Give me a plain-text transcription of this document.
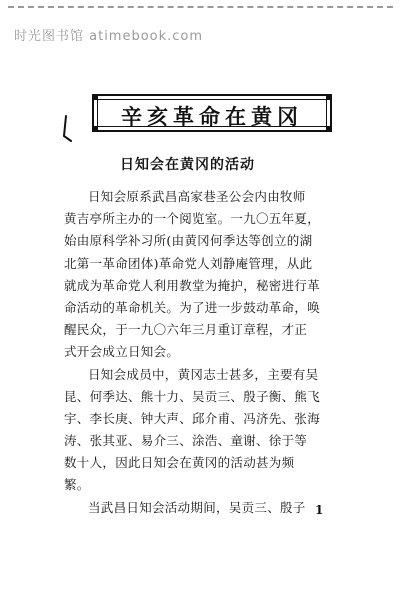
时光图书馆 atimebook.com
辛亥革命在黄冈
日知会在黄冈的活动
日知会原系武昌高家巷圣公会内由牧师
黄吉亭所主办的一个阅览室。一九〇五年夏，
始由原科学补习所(由黄冈何季达等创立的湖
北第一革命团体)革命党人刘静庵管理，从此
就成为革命党人利用教堂为掩护，秘密进行革
命活动的革命机关。为了进一步鼓动革命，唤
醒民众，于一九〇六年三月重订章程，才正
式开会成立日知会。
日知会成员中，黄冈志士甚多，主要有吴
昆、何季达、熊十力、吴贡三、殷子衡、熊飞
宇、李长庚、钟大声、邱介甫、冯济先、张海
涛、张其亚、易介三、涂浩、童谢、徐于等
数十人，因此日知会在黄冈的活动甚为频
繁。
当武昌日知会活动期间，吴贡三、殷子 1
